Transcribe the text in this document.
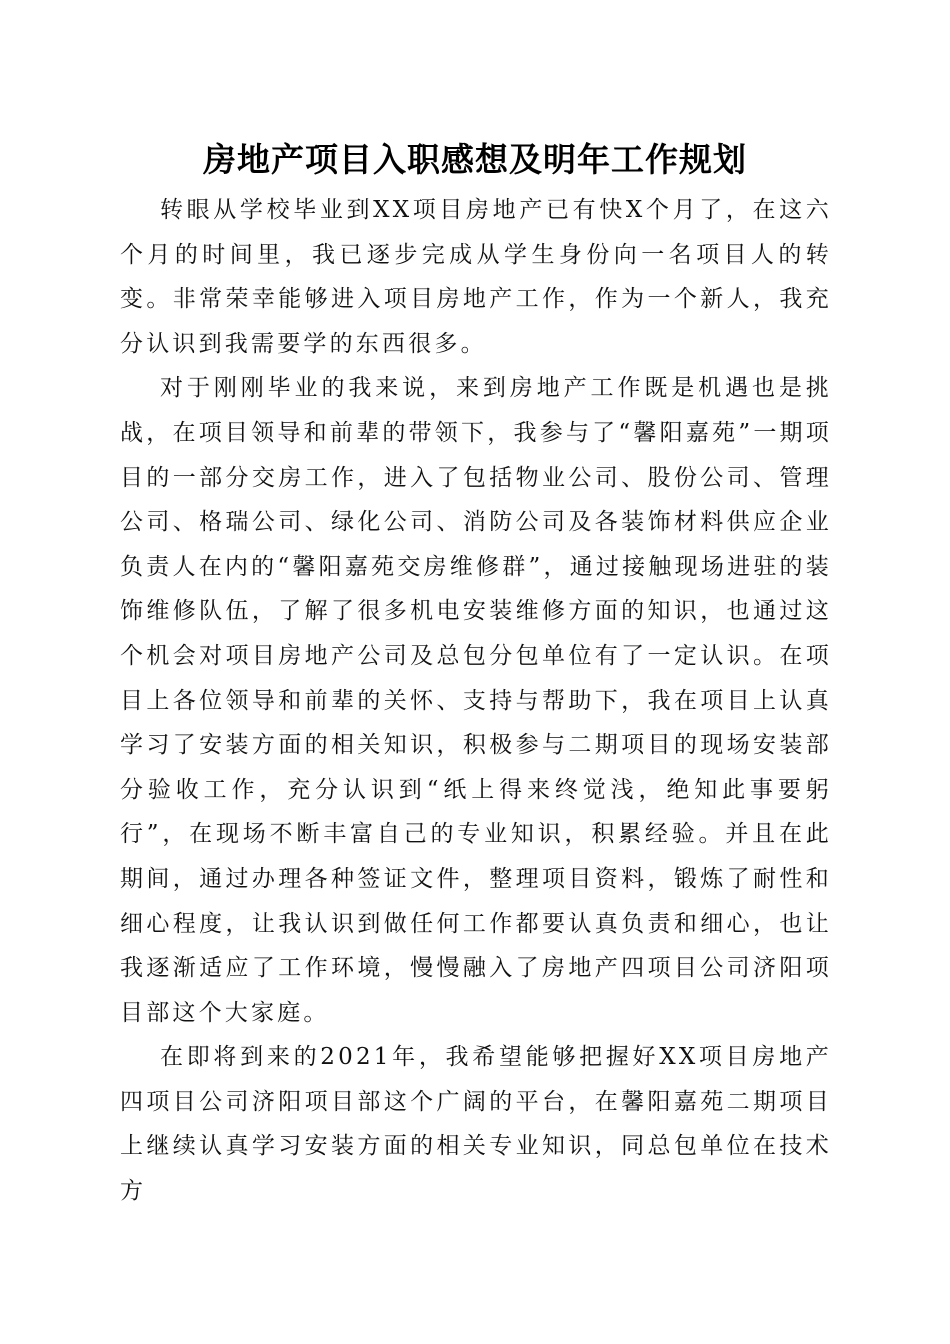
房地产项目入职感想及明年工作规划

转眼从学校毕业到XX项目房地产已有快X个月了，在这六个月的时间里，我已逐步完成从学生身份向一名项目人的转变。非常荣幸能够进入项目房地产工作，作为一个新人，我充分认识到我需要学的东西很多。

对于刚刚毕业的我来说，来到房地产工作既是机遇也是挑战，在项目领导和前辈的带领下，我参与了“馨阳嘉苑”一期项目的一部分交房工作，进入了包括物业公司、股份公司、管理公司、格瑞公司、绿化公司、消防公司及各装饰材料供应企业负责人在内的“馨阳嘉苑交房维修群”，通过接触现场进驻的装饰维修队伍，了解了很多机电安装维修方面的知识，也通过这个机会对项目房地产公司及总包分包单位有了一定认识。在项目上各位领导和前辈的关怀、支持与帮助下，我在项目上认真学习了安装方面的相关知识，积极参与二期项目的现场安装部分验收工作，充分认识到“纸上得来终觉浅，绝知此事要躬行”，在现场不断丰富自己的专业知识，积累经验。并且在此期间，通过办理各种签证文件，整理项目资料，锻炼了耐性和细心程度，让我认识到做任何工作都要认真负责和细心，也让我逐渐适应了工作环境，慢慢融入了房地产四项目公司济阳项目部这个大家庭。

在即将到来的2021年，我希望能够把握好XX项目房地产四项目公司济阳项目部这个广阔的平台，在馨阳嘉苑二期项目上继续认真学习安装方面的相关专业知识，同总包单位在技术方
